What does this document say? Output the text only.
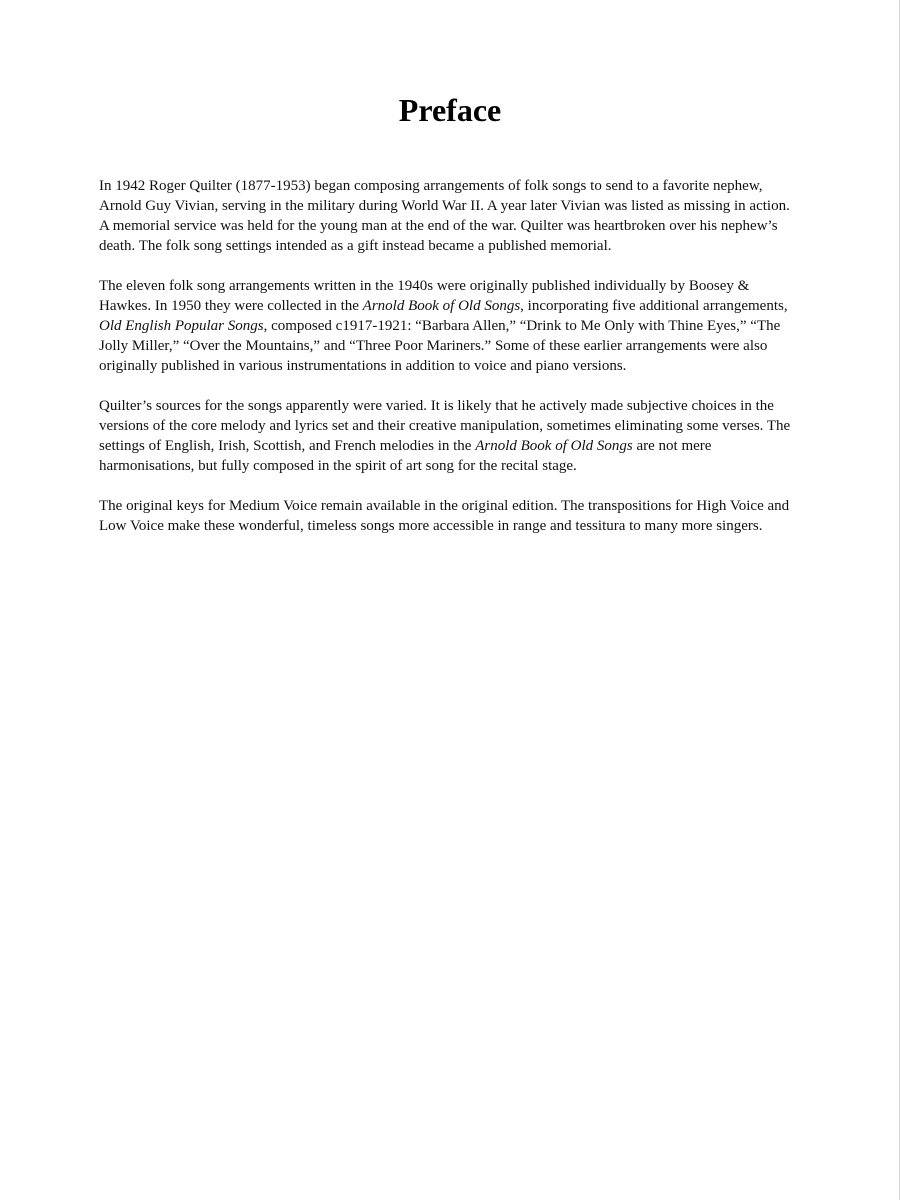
Preface

In 1942 Roger Quilter (1877-1953) began composing arrangements of folk songs to send to a favorite nephew, Arnold Guy Vivian, serving in the military during World War II. A year later Vivian was listed as missing in action. A memorial service was held for the young man at the end of the war. Quilter was heartbroken over his nephew’s death. The folk song settings intended as a gift instead became a published memorial.

The eleven folk song arrangements written in the 1940s were originally published individually by Boosey & Hawkes. In 1950 they were collected in the Arnold Book of Old Songs, incorporating five additional arrangements, Old English Popular Songs, composed c1917-1921: “Barbara Allen,” “Drink to Me Only with Thine Eyes,” “The Jolly Miller,” “Over the Mountains,” and “Three Poor Mariners.” Some of these earlier arrangements were also originally published in various instrumentations in addition to voice and piano versions.

Quilter’s sources for the songs apparently were varied. It is likely that he actively made subjective choices in the versions of the core melody and lyrics set and their creative manipulation, sometimes eliminating some verses. The settings of English, Irish, Scottish, and French melodies in the Arnold Book of Old Songs are not mere harmonisations, but fully composed in the spirit of art song for the recital stage.

The original keys for Medium Voice remain available in the original edition. The transpositions for High Voice and Low Voice make these wonderful, timeless songs more accessible in range and tessitura to many more singers.
